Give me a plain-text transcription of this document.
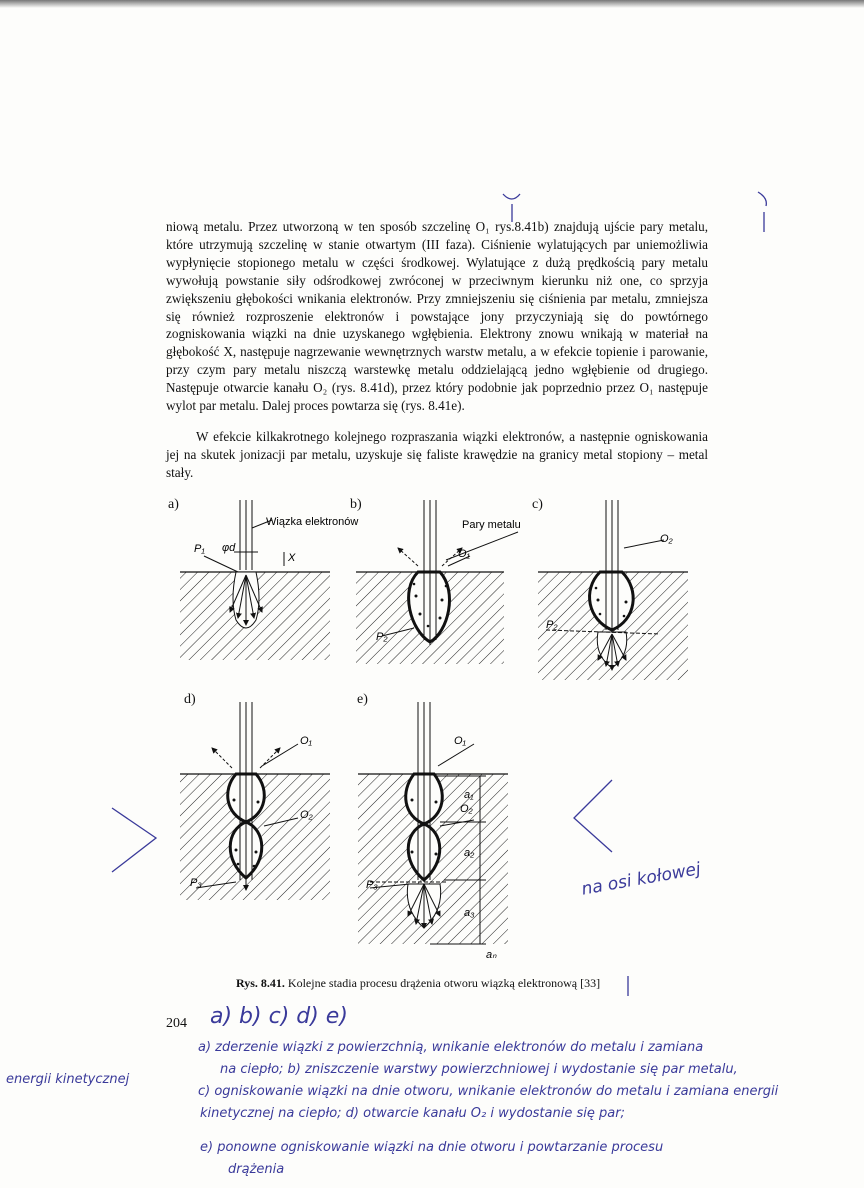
niową metalu. Przez utworzoną w ten sposób szczelinę O₁ rys.8.41b) znajdują ujście pary metalu, które utrzymują szczelinę w stanie otwartym (III faza). Ciśnienie wylatujących par uniemożliwia wypłynięcie stopionego metalu w części środkowej. Wylatujące z dużą prędkością pary metalu wywołują powstanie siły odśrodkowej zwróconej w przeciwnym kierunku niż one, co sprzyja zwiększeniu głębokości wnikania elektronów. Przy zmniejszeniu się ciśnienia par metalu, zmniejsza się również rozproszenie elektronów i powstające jony przyczyniają się do powtórnego zogniskowania wiązki na dnie uzyskanego wgłębienia. Elektrony znowu wnikają w materiał na głębokość X, następuje nagrzewanie wewnętrznych warstw metalu, a w efekcie topienie i parowanie, przy czym pary metalu niszczą warstewkę metalu oddzielającą jedno wgłębienie od drugiego. Następuje otwarcie kanału O₂ (rys. 8.41d), przez który podobnie jak poprzednio przez O₁ następuje wylot par metalu. Dalej proces powtarza się (rys. 8.41e).

W efekcie kilkakrotnego kolejnego rozpraszania wiązki elektronów, a następnie ogniskowania jej na skutek jonizacji par metalu, uzyskuje się faliste krawędzie na granicy metal stopiony – metal stały.

a)	b)	c)
d)	e)
Wiązka elektronów
P₁ φd
X
Pary metalu
O₁
P₂
O₂
P₂
O₁
O₂
P₃
O₁
O₂
P₃
a₁
a₂
a₃
aₙ
Rys. 8.41. Kolejne stadia procesu drążenia otworu wiązką elektronową [33]
204 a) b) c) d) e)
energii kinetycznej
a) zderzenie wiązki z powierzchnią, wnikanie elektronów do metalu i zamiana
na ciepło; b) zniszczenie warstwy powierzchniowej i wydostanie się par metalu,
c) ogniskowanie wiązki na dnie otworu, wnikanie elektronów do metalu i zamiana energii
kinetycznej na ciepło; d) otwarcie kanału O₂ i wydostanie się par;
e) ponowne ogniskowanie wiązki na dnie otworu i powtarzanie procesu
drążenia
na osi kołowej
